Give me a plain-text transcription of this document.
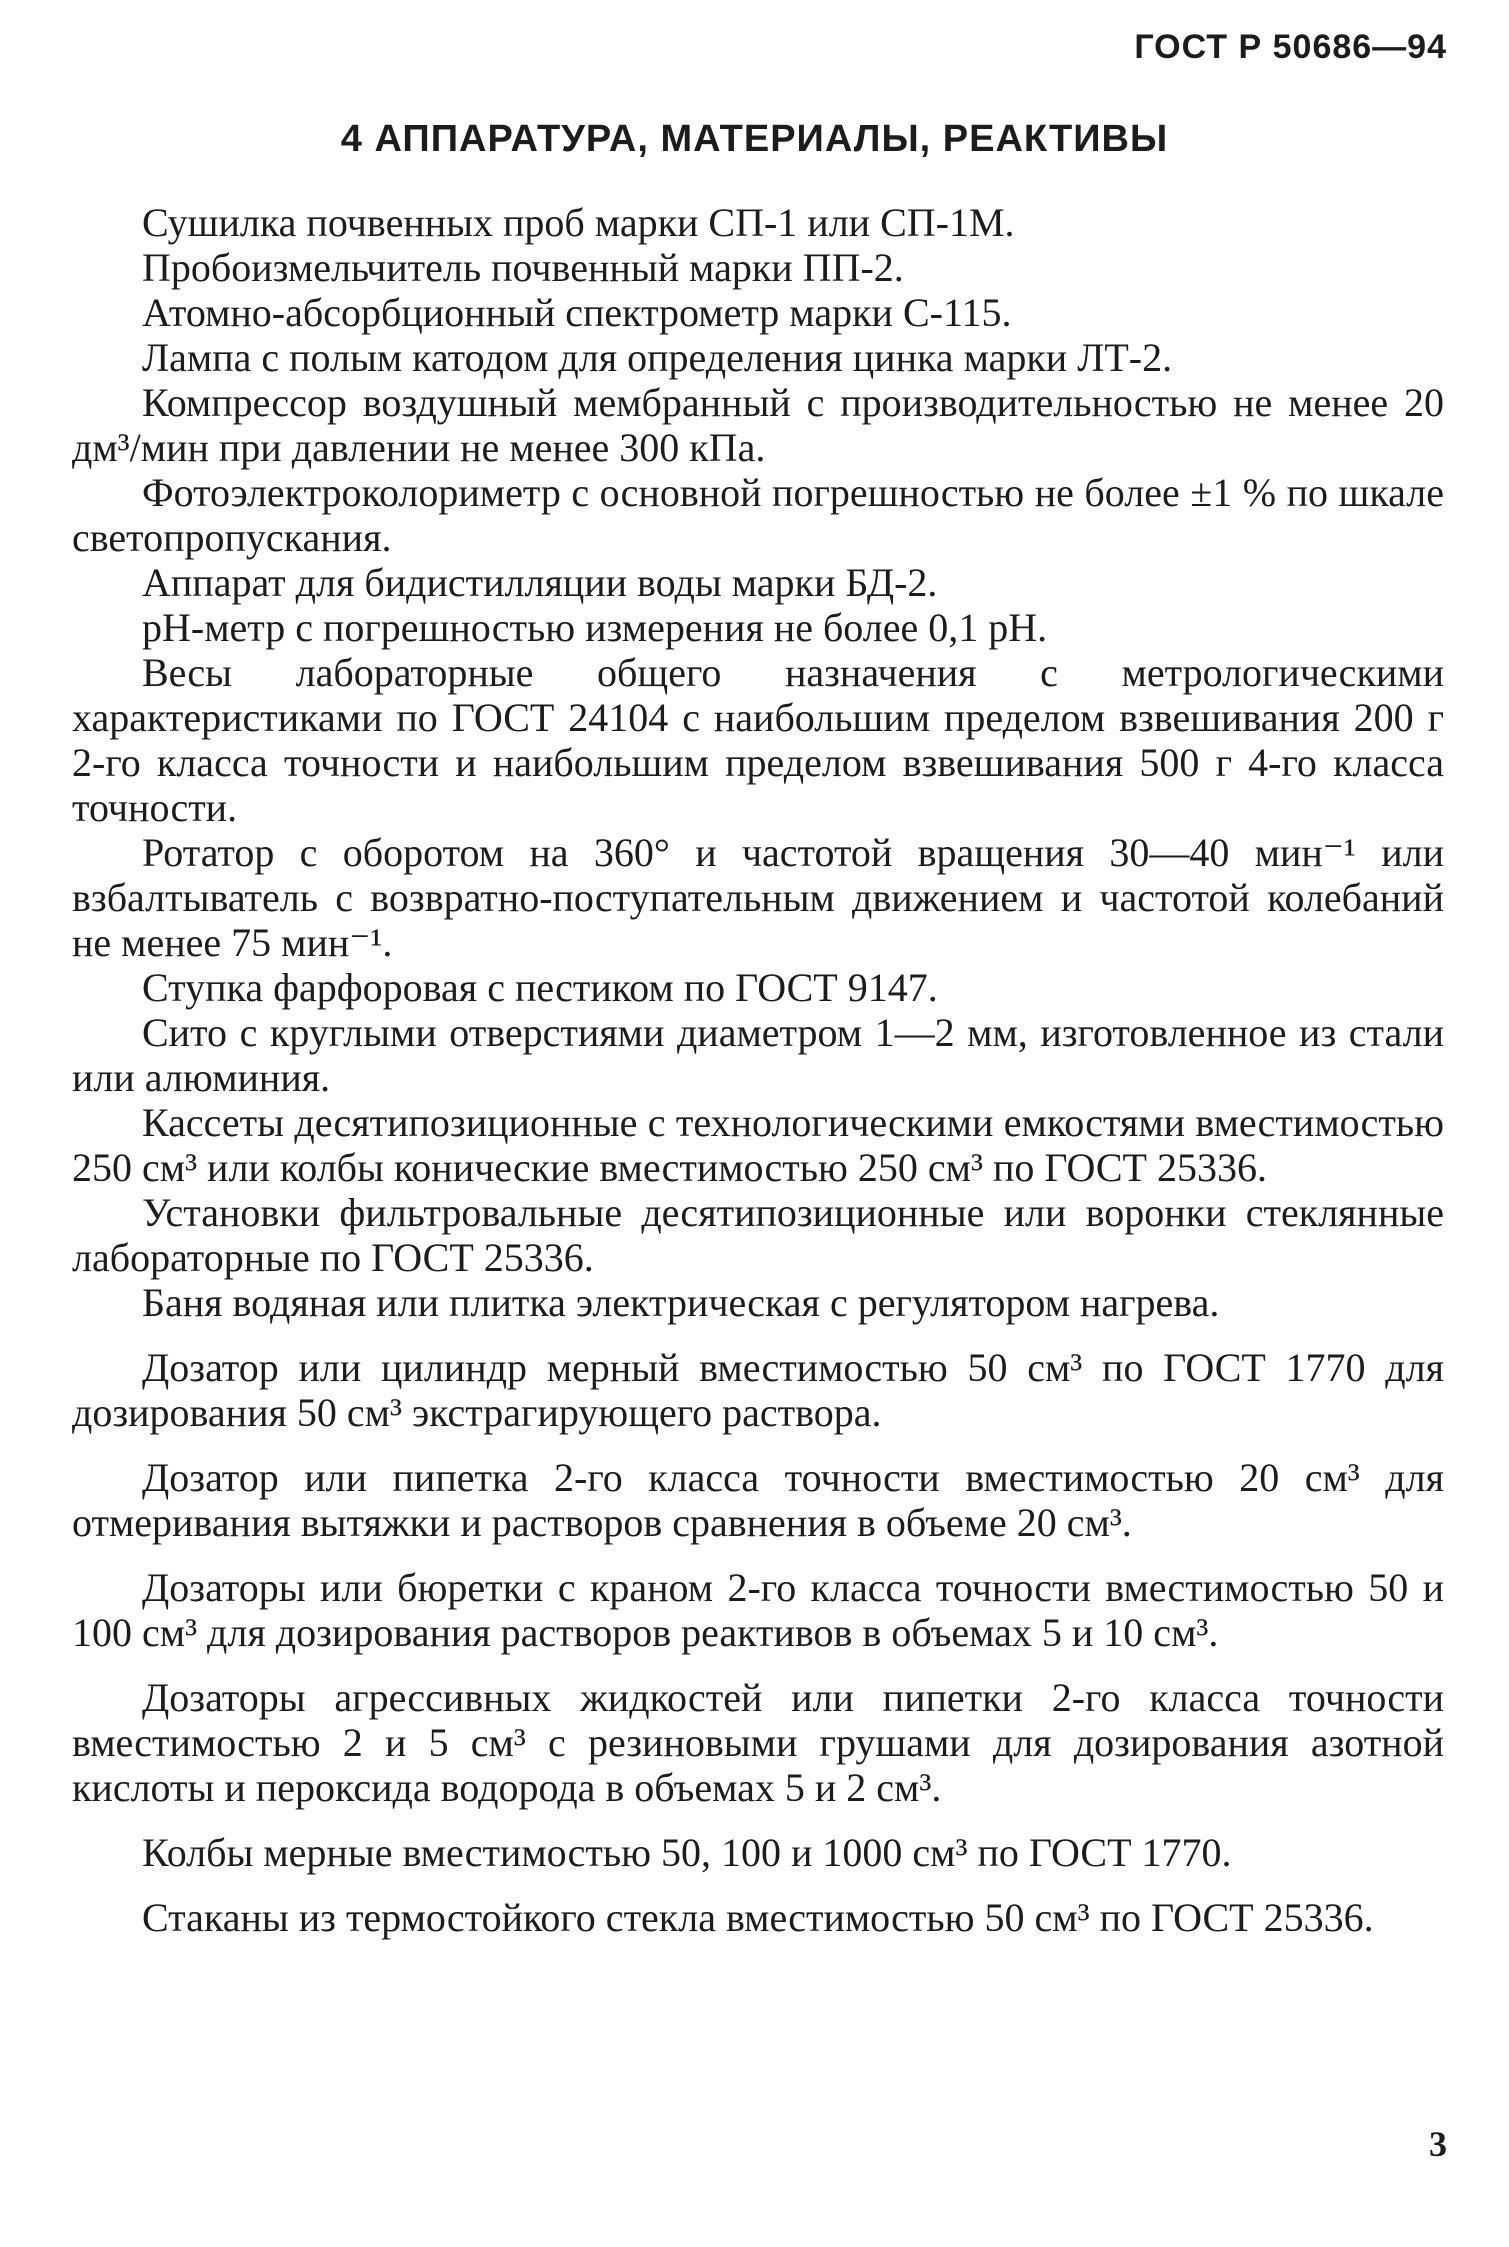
ГОСТ Р 50686—94
4 АППАРАТУРА, МАТЕРИАЛЫ, РЕАКТИВЫ

Сушилка почвенных проб марки СП-1 или СП-1М.

Пробоизмельчитель почвенный марки ПП-2.

Атомно-абсорбционный спектрометр марки С-115.

Лампа с полым катодом для определения цинка марки ЛТ-2.

Компрессор воздушный мембранный с производительностью не менее 20 дм³/мин при давлении не менее 300 кПа.

Фотоэлектроколориметр с основной погрешностью не более ±1 % по шкале светопропускания.

Аппарат для бидистилляции воды марки БД-2.

pH-метр с погрешностью измерения не более 0,1 pH.

Весы лабораторные общего назначения с метрологическими характеристиками по ГОСТ 24104 с наибольшим пределом взвешивания 200 г 2-го класса точности и наибольшим пределом взвешивания 500 г 4-го класса точности.

Ротатор с оборотом на 360° и частотой вращения 30—40 мин⁻¹ или взбалтыватель с возвратно-поступательным движением и частотой колебаний не менее 75 мин⁻¹.

Ступка фарфоровая с пестиком по ГОСТ 9147.

Сито с круглыми отверстиями диаметром 1—2 мм, изготовленное из стали или алюминия.

Кассеты десятипозиционные с технологическими емкостями вместимостью 250 см³ или колбы конические вместимостью 250 см³ по ГОСТ 25336.

Установки фильтровальные десятипозиционные или воронки стеклянные лабораторные по ГОСТ 25336.

Баня водяная или плитка электрическая с регулятором нагрева.

Дозатор или цилиндр мерный вместимостью 50 см³ по ГОСТ 1770 для дозирования 50 см³ экстрагирующего раствора.

Дозатор или пипетка 2-го класса точности вместимостью 20 см³ для отмеривания вытяжки и растворов сравнения в объеме 20 см³.

Дозаторы или бюретки с краном 2-го класса точности вместимостью 50 и 100 см³ для дозирования растворов реактивов в объемах 5 и 10 см³.

Дозаторы агрессивных жидкостей или пипетки 2-го класса точности вместимостью 2 и 5 см³ с резиновыми грушами для дозирования азотной кислоты и пероксида водорода в объемах 5 и 2 см³.

Колбы мерные вместимостью 50, 100 и 1000 см³ по ГОСТ 1770.

Стаканы из термостойкого стекла вместимостью 50 см³ по ГОСТ 25336.

3
